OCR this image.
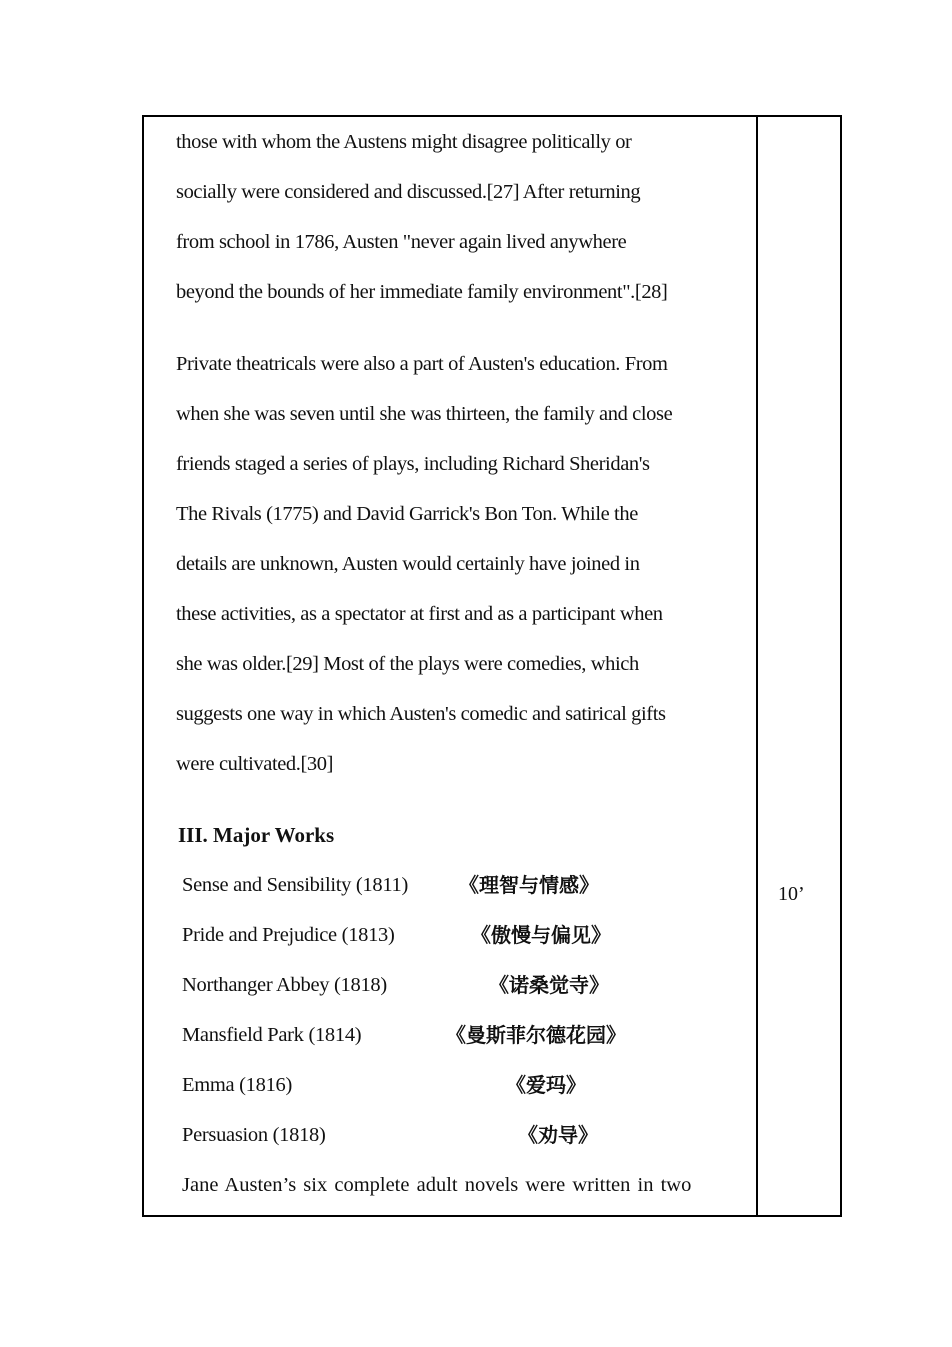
those with whom the Austens might disagree politically or
socially were considered and discussed.[27] After returning
from school in 1786, Austen "never again lived anywhere
beyond the bounds of her immediate family environment".[28]
Private theatricals were also a part of Austen's education. From
when she was seven until she was thirteen, the family and close
friends staged a series of plays, including Richard Sheridan's
The Rivals (1775) and David Garrick's Bon Ton. While the
details are unknown, Austen would certainly have joined in
these activities, as a spectator at first and as a participant when
she was older.[29] Most of the plays were comedies, which
suggests one way in which Austen's comedic and satirical gifts
were cultivated.[30]
III. Major Works
Sense and Sensibility (1811)	《理智与情感》
Pride and Prejudice (1813)	《傲慢与偏见》
Northanger Abbey (1818)	《诺桑觉寺》
Mansfield Park (1814)	《曼斯菲尔德花园》
Emma (1816)	《爱玛》
Persuasion (1818)	《劝导》
Jane Austen’s six complete adult novels were written in two
10’
